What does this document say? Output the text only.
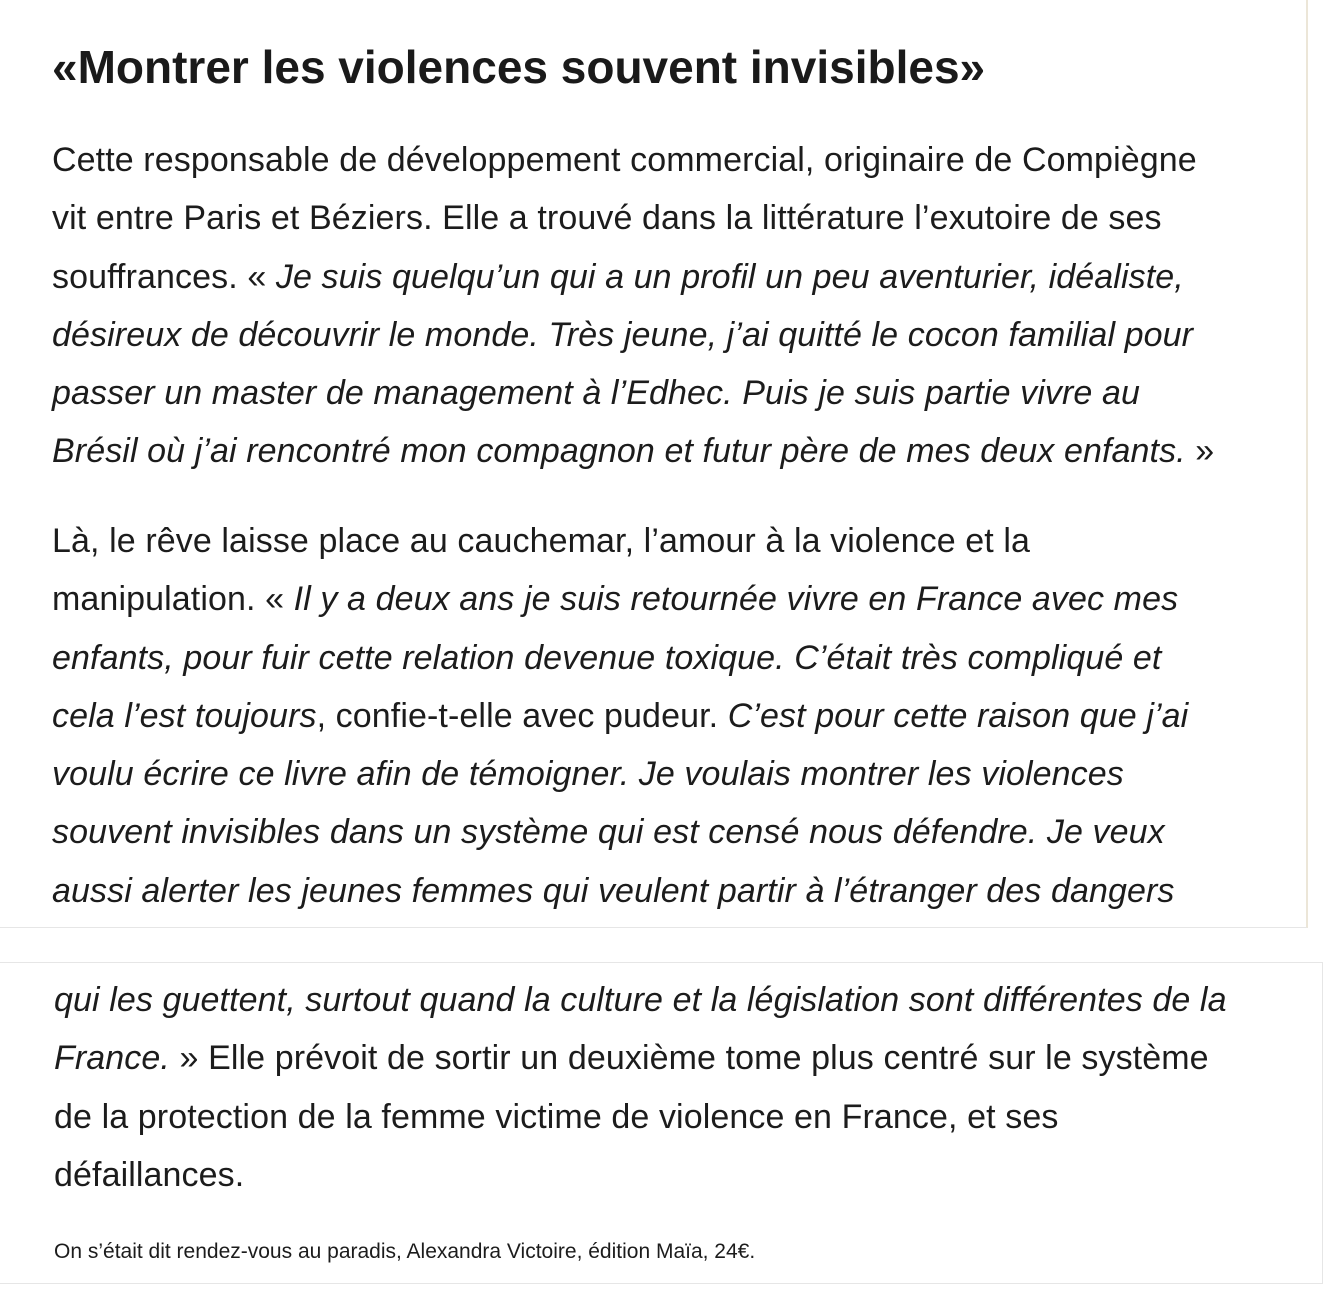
«Montrer les violences souvent invisibles»

Cette responsable de développement commercial, originaire de Compiègne
vit entre Paris et Béziers. Elle a trouvé dans la littérature l’exutoire de ses
souffrances. « Je suis quelqu’un qui a un profil un peu aventurier, idéaliste,
désireux de découvrir le monde. Très jeune, j’ai quitté le cocon familial pour
passer un master de management à l’Edhec. Puis je suis partie vivre au
Brésil où j’ai rencontré mon compagnon et futur père de mes deux enfants. »

Là, le rêve laisse place au cauchemar, l’amour à la violence et la
manipulation. « Il y a deux ans je suis retournée vivre en France avec mes
enfants, pour fuir cette relation devenue toxique. C’était très compliqué et
cela l’est toujours, confie-t-elle avec pudeur. C’est pour cette raison que j’ai
voulu écrire ce livre afin de témoigner. Je voulais montrer les violences
souvent invisibles dans un système qui est censé nous défendre. Je veux
aussi alerter les jeunes femmes qui veulent partir à l’étranger des dangers

qui les guettent, surtout quand la culture et la législation sont différentes de la
France. » Elle prévoit de sortir un deuxième tome plus centré sur le système
de la protection de la femme victime de violence en France, et ses
défaillances.

On s’était dit rendez-vous au paradis, Alexandra Victoire, édition Maïa, 24€.
